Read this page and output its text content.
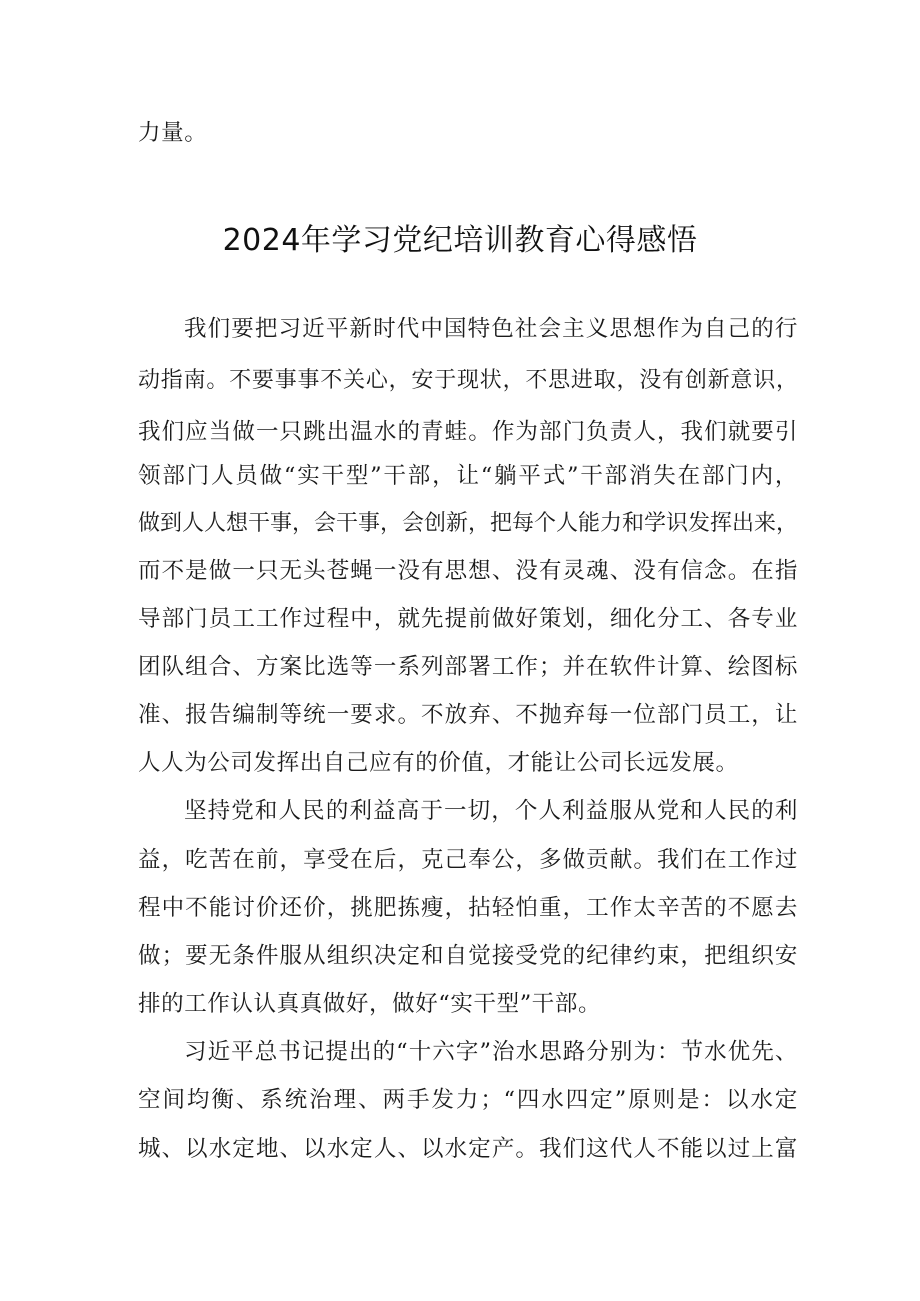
力量。
2024年学习党纪培训教育心得感悟
我们要把习近平新时代中国特色社会主义思想作为自己的行
动指南。不要事事不关心，安于现状，不思进取，没有创新意识，
我们应当做一只跳出温水的青蛙。作为部门负责人，我们就要引
领部门人员做“实干型”干部，让“躺平式”干部消失在部门内，
做到人人想干事，会干事，会创新，把每个人能力和学识发挥出来，
而不是做一只无头苍蝇一没有思想、没有灵魂、没有信念。在指
导部门员工工作过程中，就先提前做好策划，细化分工、各专业
团队组合、方案比选等一系列部署工作；并在软件计算、绘图标
准、报告编制等统一要求。不放弃、不抛弃每一位部门员工，让
人人为公司发挥出自己应有的价值，才能让公司长远发展。
坚持党和人民的利益高于一切，个人利益服从党和人民的利
益，吃苦在前，享受在后，克己奉公，多做贡献。我们在工作过
程中不能讨价还价，挑肥拣瘦，拈轻怕重，工作太辛苦的不愿去
做；要无条件服从组织决定和自觉接受党的纪律约束，把组织安
排的工作认认真真做好，做好“实干型”干部。
习近平总书记提出的“十六字”治水思路分别为：节水优先、
空间均衡、系统治理、两手发力；“四水四定”原则是：以水定
城、以水定地、以水定人、以水定产。我们这代人不能以过上富
